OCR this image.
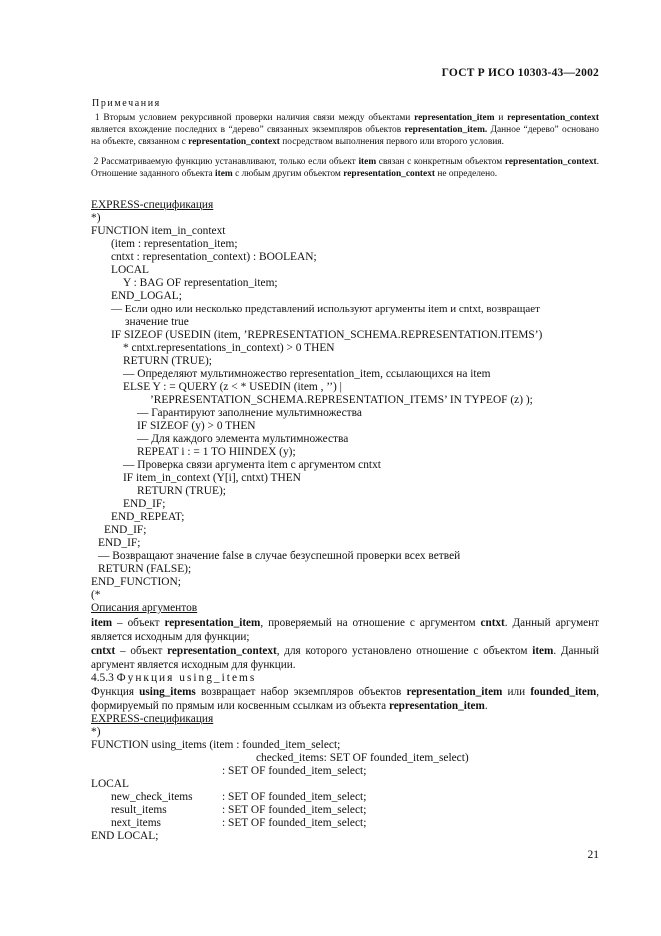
ГОСТ Р ИСО 10303-43—2002
Примечания

1 Вторым условием рекурсивной проверки наличия связи между объектами representation_item и representation_context является вхождение последних в “дерево” связанных экземпляров объектов representation_item. Данное “дерево” основано на объекте, связанном с representation_context посредством выполнения первого или второго условия.

2 Рассматриваемую функцию устанавливают, только если объект item связан с конкретным объектом representation_context. Отношение заданного объекта item с любым другим объектом representation_context не определено.

EXPRESS-спецификация
*)
FUNCTION item_in_context
(item : representation_item;
cntxt : representation_context) : BOOLEAN;
LOCAL
Y : BAG OF representation_item;
END_LOGAL;
— Если одно или несколько представлений используют аргументы item и cntxt, возвращает
значение true
IF SIZEOF (USEDIN (item, ’REPRESENTATION_SCHEMA.REPRESENTATION.ITEMS’)
* cntxt.representations_in_context) > 0 THEN
RETURN (TRUE);
— Определяют мультимножество representation_item, ссылающихся на item
ELSE Y : = QUERY (z < * USEDIN (item , ’’) |
’REPRESENTATION_SCHEMA.REPRESENTATION_ITEMS’ IN TYPEOF (z) );
— Гарантируют заполнение мультимножества
IF SIZEOF (y) > 0 THEN
— Для каждого элемента мультимножества
REPEAT i : = 1 TO HIINDEX (y);
— Проверка связи аргумента item с аргументом cntxt
IF item_in_context (Y[i], cntxt) THEN
RETURN (TRUE);
END_IF;
END_REPEAT;
END_IF;
END_IF;
— Возвращают значение false в случае безуспешной проверки всех ветвей
RETURN (FALSE);
END_FUNCTION;
(*
Описания аргументов

item – объект representation_item, проверяемый на отношение с аргументом cntxt. Данный аргумент является исходным для функции;

cntxt – объект representation_context, для которого установлено отношение с объектом item. Данный аргумент является исходным для функции.

4.5.3 Функция using_items

Функция using_items возвращает набор экземпляров объектов representation_item или founded_item, формируемый по прямым или косвенным ссылкам из объекта representation_item.

EXPRESS-спецификация
*)
FUNCTION using_items (item : founded_item_select;
checked_items: SET OF founded_item_select)
: SET OF founded_item_select;
LOCAL
new_check_items	: SET OF founded_item_select;
result_items	: SET OF founded_item_select;
next_items	: SET OF founded_item_select;
END LOCAL;
21
